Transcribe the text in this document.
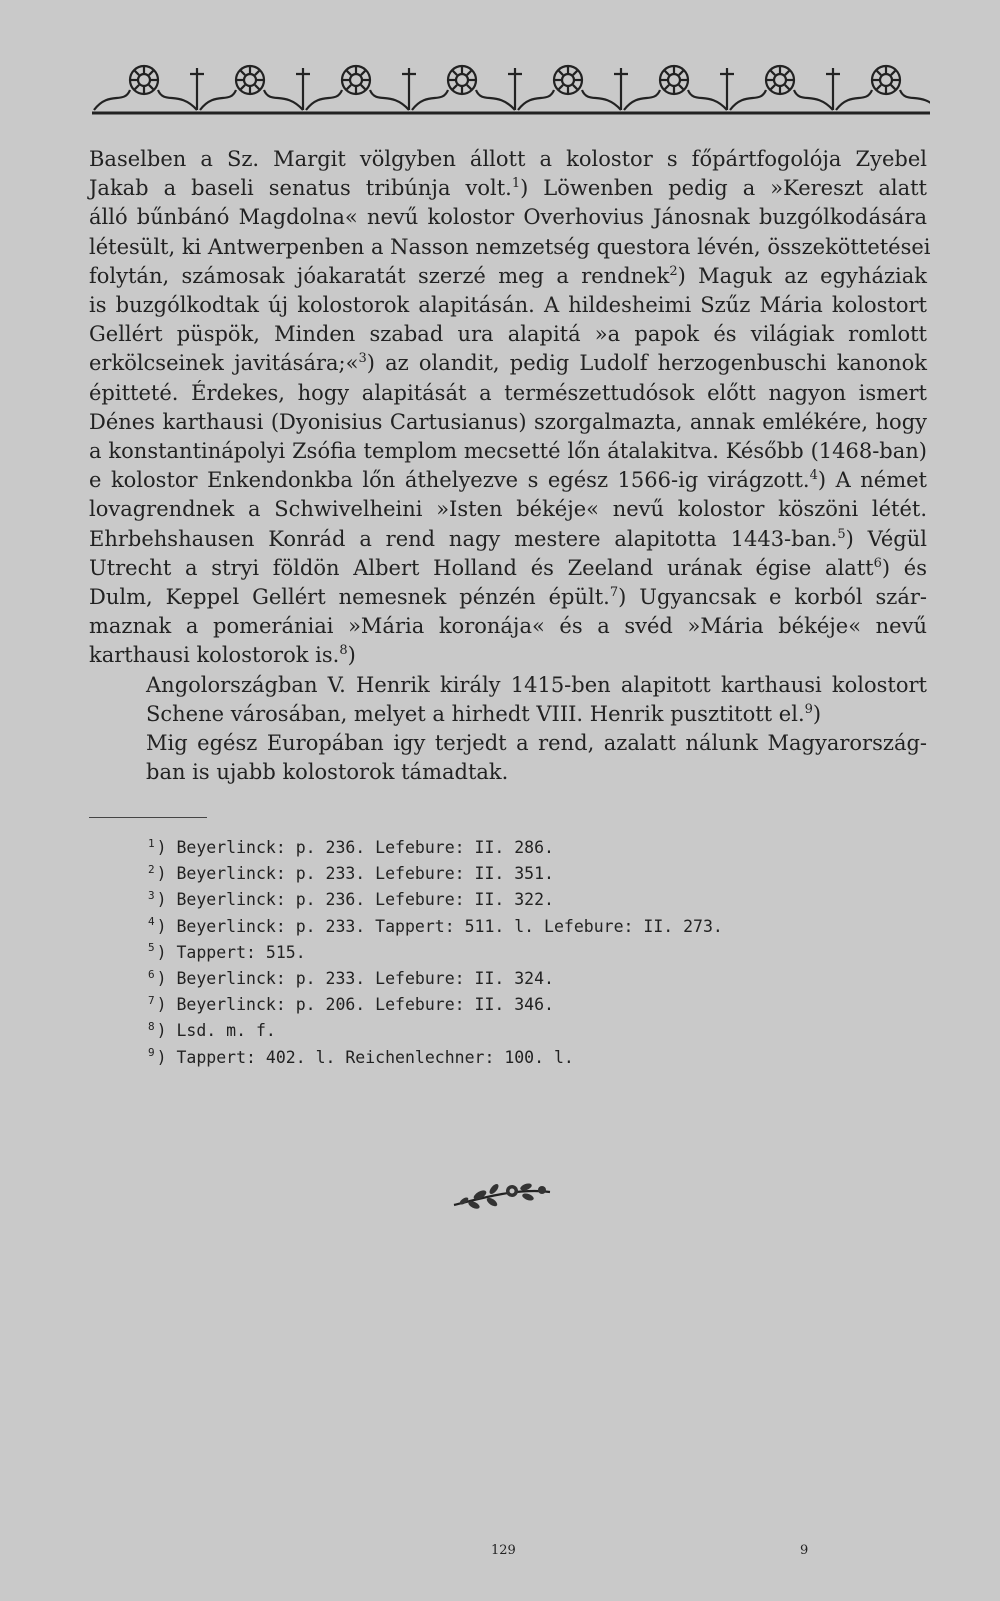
Baselben a Sz. Margit völgyben állott a kolostor s főpártfogolója Zyebel
Jakab a baseli senatus tribúnja volt.$^1$) Löwenben pedig a »Kereszt alatt
álló bűnbánó Magdolna« nevű kolostor Overhovius Jánosnak buzgólkodására
létesült, ki Antwerpenben a Nasson nemzetség questora lévén, összeköttetései
folytán, számosak jóakaratát szerzé meg a rendnek$^2$) Maguk az egyháziak
is buzgólkodtak új kolostorok alapitásán. A hildesheimi Szűz Mária kolostort
Gellért püspök, Minden szabad ura alapitá »a papok és világiak romlott
erkölcseinek javitására;«$^3$) az olandit, pedig Ludolf herzogenbuschi kanonok
épitteté. Érdekes, hogy alapitását a természettudósok előtt nagyon ismert
Dénes karthausi (Dyonisius Cartusianus) szorgalmazta, annak emlékére, hogy
a konstantinápolyi Zsófia templom mecsetté lőn átalakitva. Később (1468-ban)
e kolostor Enkendonkba lőn áthelyezve s egész 1566-ig virágzott.$^4$) A német
lovagrendnek a Schwivelheini »Isten békéje« nevű kolostor köszöni létét.
Ehrbehshausen Konrád a rend nagy mestere alapitotta 1443-ban.$^5$) Végül
Utrecht a stryi földön Albert Holland és Zeeland urának égise alatt$^6$) és
Dulm, Keppel Gellért nemesnek pénzén épült.$^7$) Ugyancsak e korból szár-
maznak a pomerániai »Mária koronája« és a svéd »Mária békéje« nevű
karthausi kolostorok is.$^8$)

Angolországban V. Henrik király 1415-ben alapitott karthausi kolostort
Schene városában, melyet a hirhedt VIII. Henrik pusztitott el.$^9$)

Mig egész Europában igy terjedt a rend, azalatt nálunk Magyarország-
ban is ujabb kolostorok támadtak.

$^1$ ) Beyerlinck: p. 236. Lefebure: II. 286.
$^2$ ) Beyerlinck: p. 233. Lefebure: II. 351.
$^3$ ) Beyerlinck: p. 236. Lefebure: II. 322.
$^4$ ) Beyerlinck: p. 233. Tappert: 511. l. Lefebure: II. 273.
$^5$ ) Tappert: 515.
$^6$ ) Beyerlinck: p. 233. Lefebure: II. 324.
$^7$ ) Beyerlinck: p. 206. Lefebure: II. 346.
$^8$ ) Lsd. m. f.
$^9$ ) Tappert: 402. l. Reichenlechner: 100. l.
129	9
